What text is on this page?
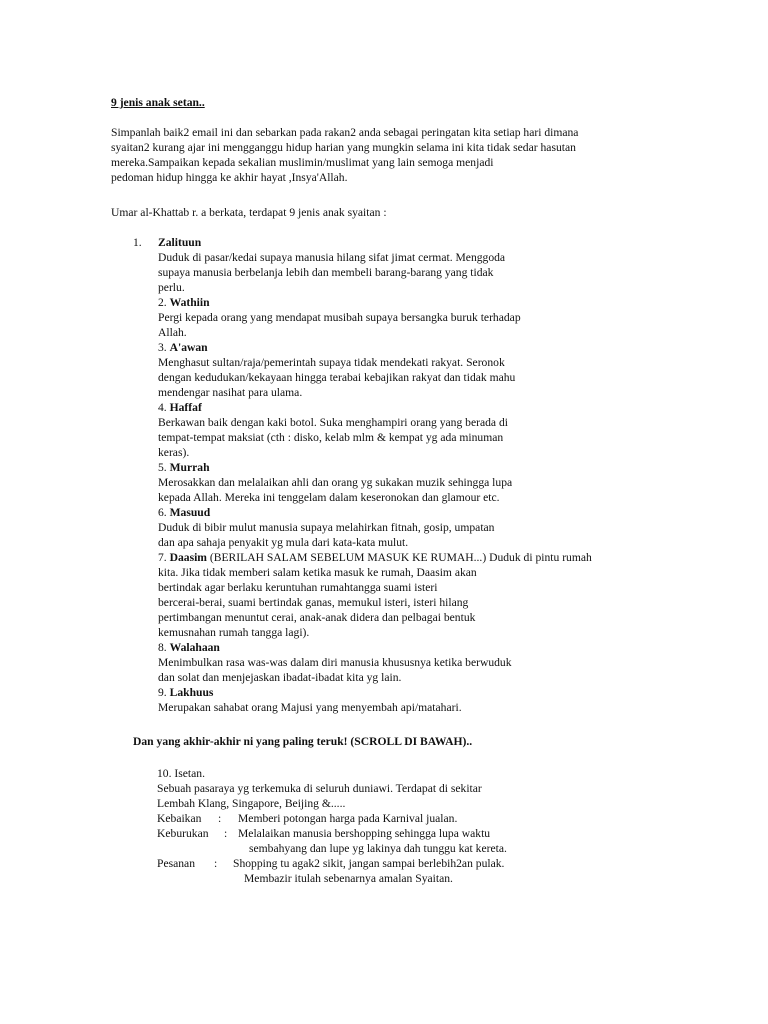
9 jenis anak setan..
Simpanlah baik2 email ini dan sebarkan pada rakan2 anda sebagai peringatan kita setiap hari dimana
syaitan2 kurang ajar ini mengganggu hidup harian yang mungkin selama ini kita tidak sedar hasutan
mereka.Sampaikan kepada sekalian muslimin/muslimat yang lain semoga menjadi
pedoman hidup hingga ke akhir hayat ,Insya'Allah.
Umar al-Khattab r. a berkata, terdapat 9 jenis anak syaitan :
1.	Zalituun
Duduk di pasar/kedai supaya manusia hilang sifat jimat cermat. Menggoda
supaya manusia berbelanja lebih dan membeli barang-barang yang tidak
perlu.
2. Wathiin
Pergi kepada orang yang mendapat musibah supaya bersangka buruk terhadap
Allah.
3. A'awan
Menghasut sultan/raja/pemerintah supaya tidak mendekati rakyat. Seronok
dengan kedudukan/kekayaan hingga terabai kebajikan rakyat dan tidak mahu
mendengar nasihat para ulama.
4. Haffaf
Berkawan baik dengan kaki botol. Suka menghampiri orang yang berada di
tempat-tempat maksiat (cth : disko, kelab mlm & kempat yg ada minuman
keras).
5. Murrah
Merosakkan dan melalaikan ahli dan orang yg sukakan muzik sehingga lupa
kepada Allah. Mereka ini tenggelam dalam keseronokan dan glamour etc.
6. Masuud
Duduk di bibir mulut manusia supaya melahirkan fitnah, gosip, umpatan
dan apa sahaja penyakit yg mula dari kata-kata mulut.
7. Daasim (BERILAH SALAM SEBELUM MASUK KE RUMAH...) Duduk di pintu rumah
kita. Jika tidak memberi salam ketika masuk ke rumah, Daasim akan
bertindak agar berlaku keruntuhan rumahtangga suami isteri
bercerai-berai, suami bertindak ganas, memukul isteri, isteri hilang
pertimbangan menuntut cerai, anak-anak didera dan pelbagai bentuk
kemusnahan rumah tangga lagi).
8. Walahaan
Menimbulkan rasa was-was dalam diri manusia khususnya ketika berwuduk
dan solat dan menjejaskan ibadat-ibadat kita yg lain.
9. Lakhuus
Merupakan sahabat orang Majusi yang menyembah api/matahari.
Dan yang akhir-akhir ni yang paling teruk! (SCROLL DI BAWAH)..
10. Isetan.
Sebuah pasaraya yg terkemuka di seluruh duniawi. Terdapat di sekitar
Lembah Klang, Singapore, Beijing &.....
Kebaikan : Memberi potongan harga pada Karnival jualan.
Keburukan : Melalaikan manusia bershopping sehingga lupa waktu
sembahyang dan lupe yg lakinya dah tunggu kat kereta.
Pesanan : Shopping tu agak2 sikit, jangan sampai berlebih2an pulak.
Membazir itulah sebenarnya amalan Syaitan.
